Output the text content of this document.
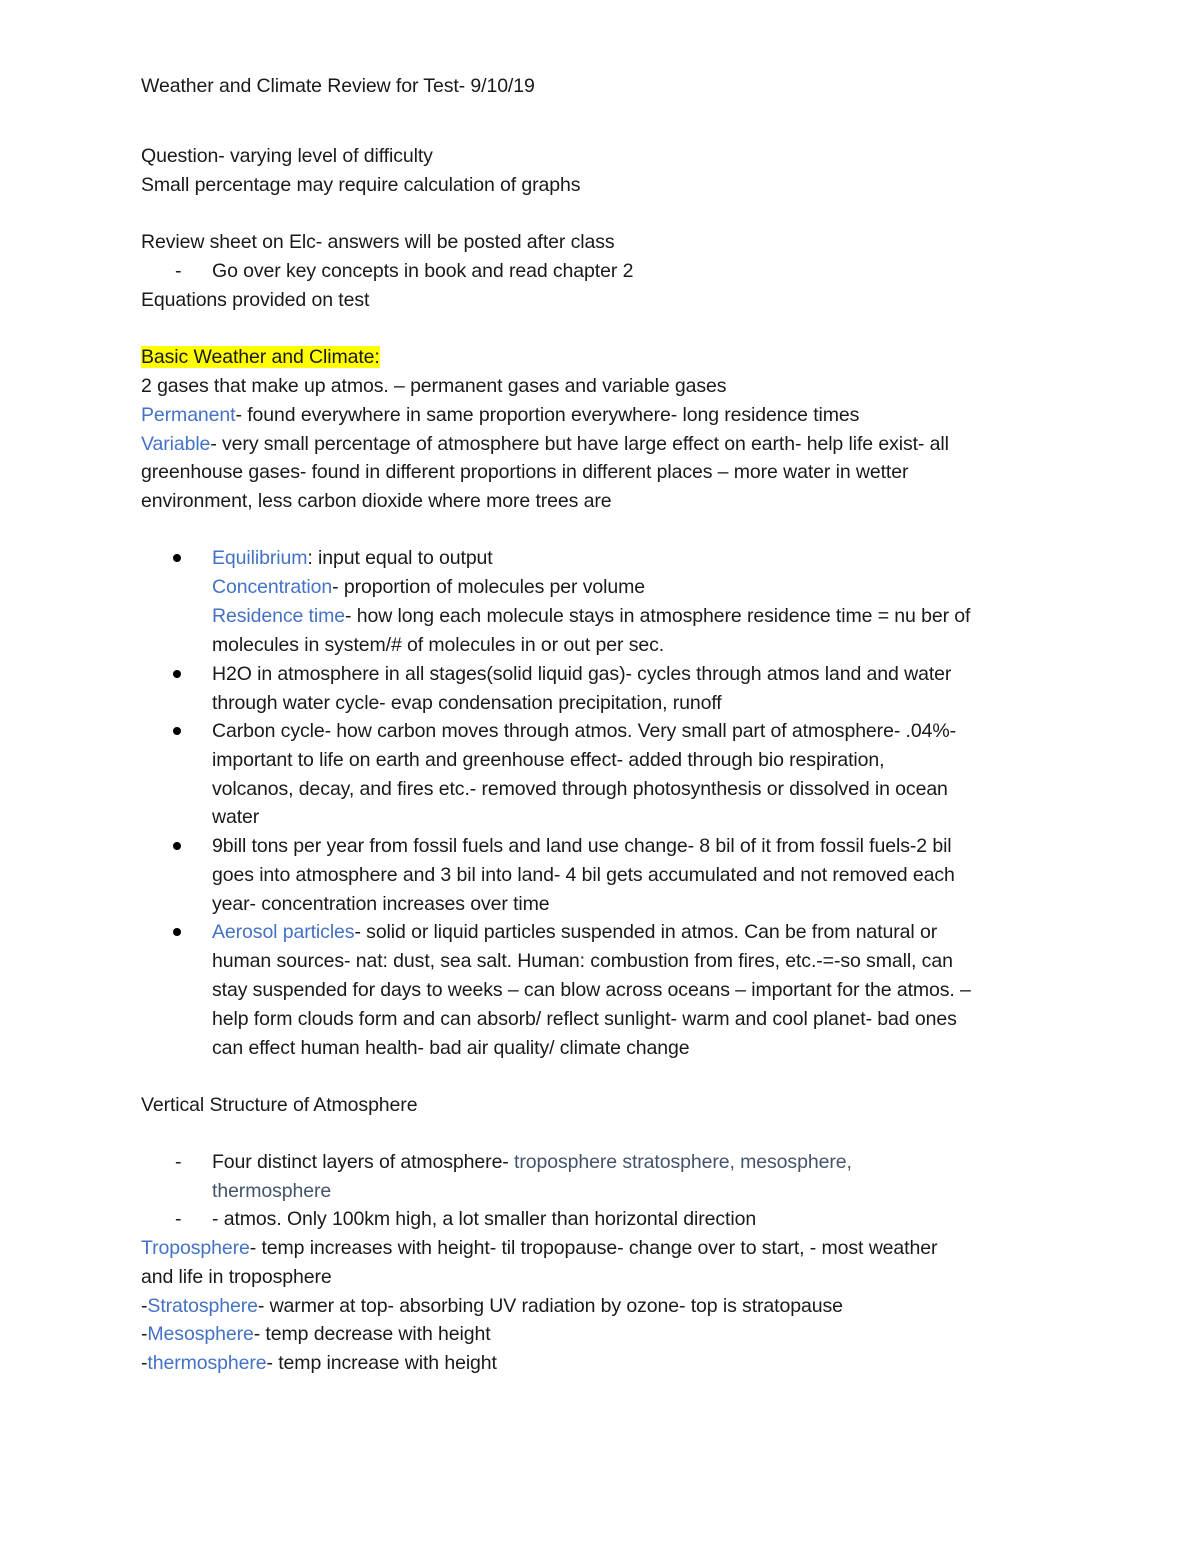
Weather and Climate Review for Test- 9/10/19
Question- varying level of difficulty
Small percentage may require calculation of graphs
Review sheet on Elc- answers will be posted after class
- Go over key concepts in book and read chapter 2
Equations provided on test
Basic Weather and Climate:
2 gases that make up atmos. – permanent gases and variable gases
Permanent- found everywhere in same proportion everywhere- long residence times
Variable- very small percentage of atmosphere but have large effect on earth- help life exist- all
greenhouse gases- found in different proportions in different places – more water in wetter
environment, less carbon dioxide where more trees are
Equilibrium: input equal to output
Concentration- proportion of molecules per volume
Residence time- how long each molecule stays in atmosphere residence time = nu ber of
molecules in system/# of molecules in or out per sec.
H2O in atmosphere in all stages(solid liquid gas)- cycles through atmos land and water
through water cycle- evap condensation precipitation, runoff
Carbon cycle- how carbon moves through atmos. Very small part of atmosphere- .04%-
important to life on earth and greenhouse effect- added through bio respiration,
volcanos, decay, and fires etc.- removed through photosynthesis or dissolved in ocean
water
9bill tons per year from fossil fuels and land use change- 8 bil of it from fossil fuels-2 bil
goes into atmosphere and 3 bil into land- 4 bil gets accumulated and not removed each
year- concentration increases over time
Aerosol particles- solid or liquid particles suspended in atmos. Can be from natural or
human sources- nat: dust, sea salt. Human: combustion from fires, etc.-=-so small, can
stay suspended for days to weeks – can blow across oceans – important for the atmos. –
help form clouds form and can absorb/ reflect sunlight- warm and cool planet- bad ones
can effect human health- bad air quality/ climate change
Vertical Structure of Atmosphere
- Four distinct layers of atmosphere- troposphere stratosphere, mesosphere,
thermosphere
- - atmos. Only 100km high, a lot smaller than horizontal direction
Troposphere- temp increases with height- til tropopause- change over to start, - most weather
and life in troposphere
-Stratosphere- warmer at top- absorbing UV radiation by ozone- top is stratopause
-Mesosphere- temp decrease with height
-thermosphere- temp increase with height
